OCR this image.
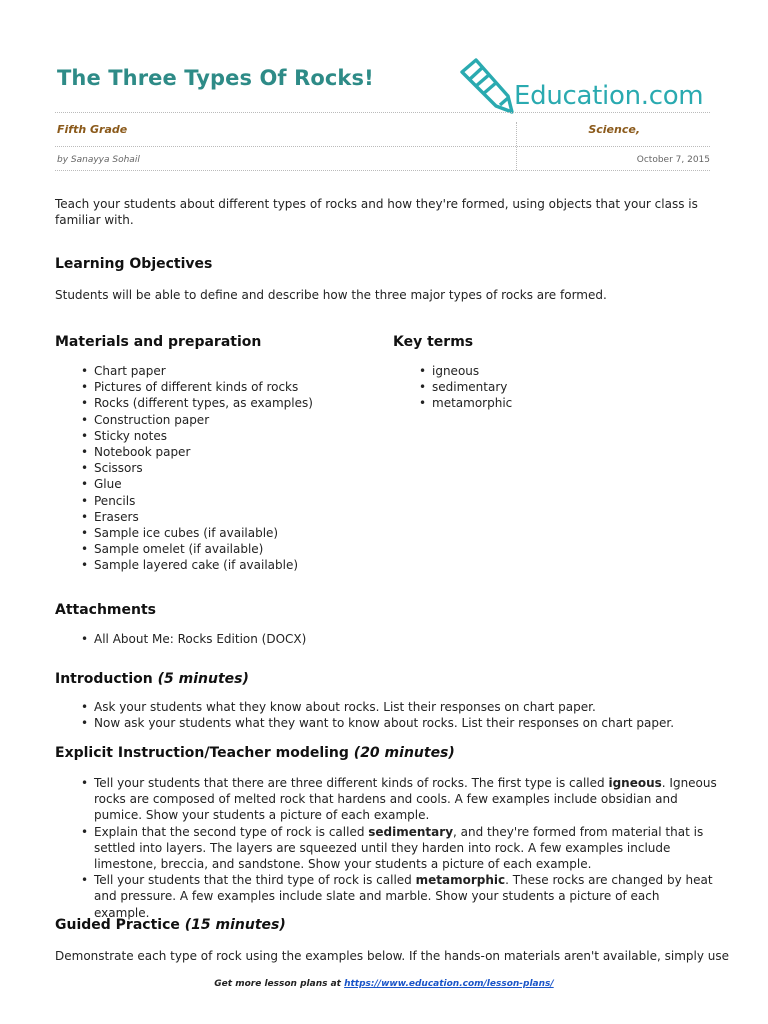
The Three Types Of Rocks!
Education.com
Fifth Grade	Science,
by Sanayya Sohail	October 7, 2015

Teach your students about different types of rocks and how they're formed, using objects that your class is familiar with.

Learning Objectives

Students will be able to define and describe how the three major types of rocks are formed.

Materials and preparation
• Chart paper
• Pictures of different kinds of rocks
• Rocks (different types, as examples)
• Construction paper
• Sticky notes
• Notebook paper
• Scissors
• Glue
• Pencils
• Erasers
• Sample ice cubes (if available)
• Sample omelet (if available)
• Sample layered cake (if available)
Key terms
• igneous
• sedimentary
• metamorphic
Attachments
• All About Me: Rocks Edition (DOCX)
Introduction (5 minutes)
• Ask your students what they know about rocks. List their responses on chart paper.
• Now ask your students what they want to know about rocks. List their responses on chart paper.
Explicit Instruction/Teacher modeling (20 minutes)
• Tell your students that there are three different kinds of rocks. The first type is called igneous. Igneous rocks are composed of melted rock that hardens and cools. A few examples include obsidian and pumice. Show your students a picture of each example.
• Explain that the second type of rock is called sedimentary, and they're formed from material that is settled into layers. The layers are squeezed until they harden into rock. A few examples include limestone, breccia, and sandstone. Show your students a picture of each example.
• Tell your students that the third type of rock is called metamorphic. These rocks are changed by heat and pressure. A few examples include slate and marble. Show your students a picture of each example.
Guided Practice (15 minutes)

Demonstrate each type of rock using the examples below. If the hands-on materials aren't available, simply use

Get more lesson plans at https://www.education.com/lesson-plans/
